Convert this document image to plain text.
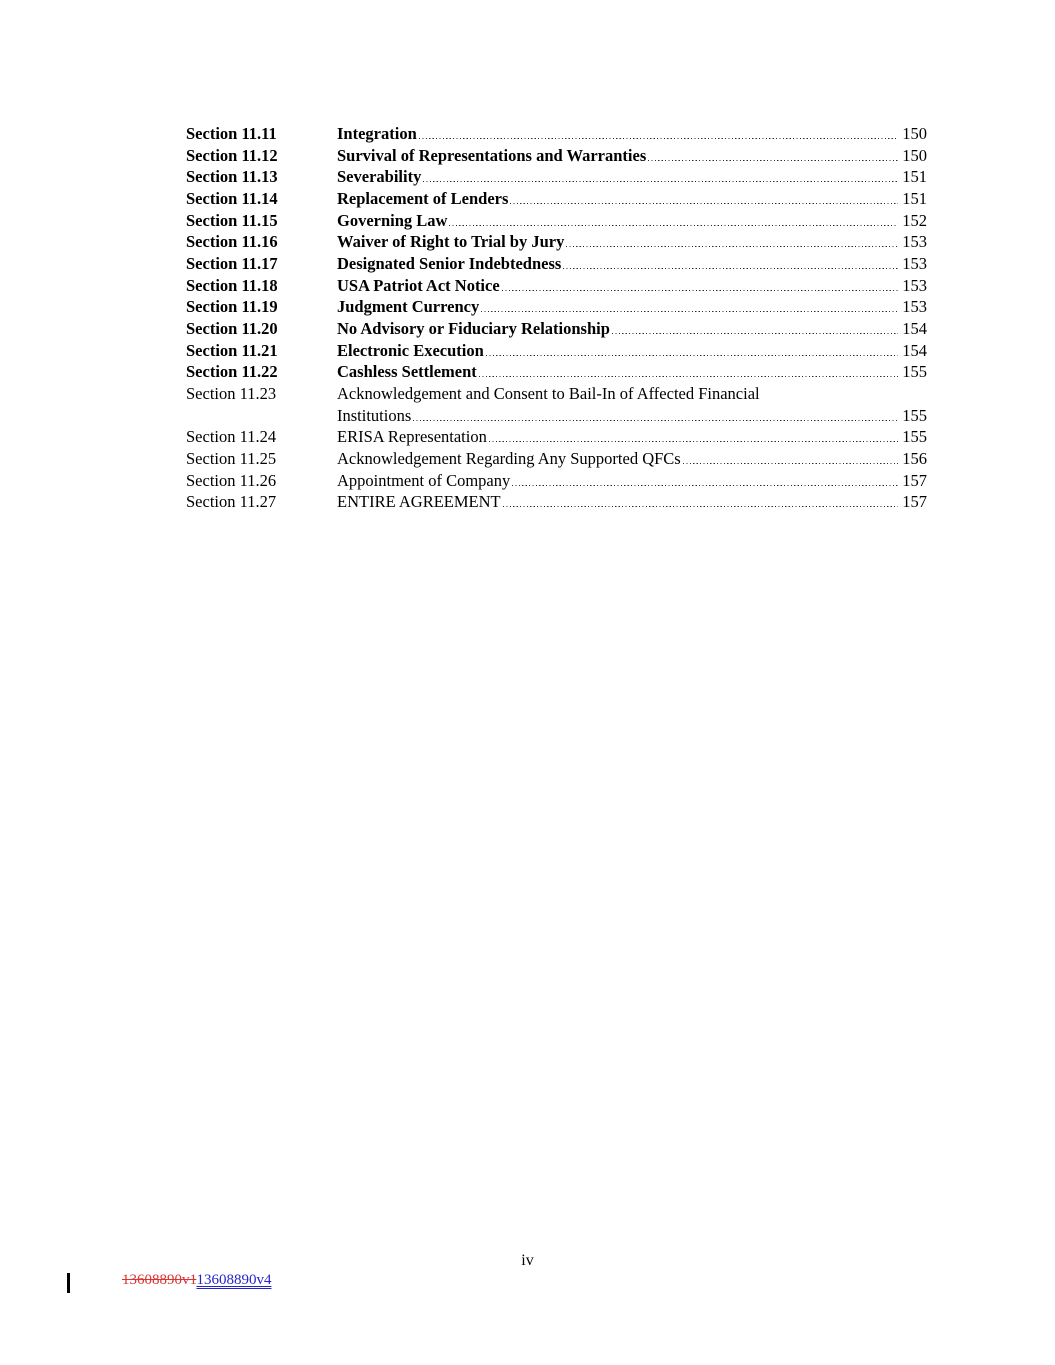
Section 11.11	Integration	150
Section 11.12	Survival of Representations and Warranties	150
Section 11.13	Severability	151
Section 11.14	Replacement of Lenders	151
Section 11.15	Governing Law	152
Section 11.16	Waiver of Right to Trial by Jury	153
Section 11.17	Designated Senior Indebtedness	153
Section 11.18	USA Patriot Act Notice	153
Section 11.19	Judgment Currency	153
Section 11.20	No Advisory or Fiduciary Relationship	154
Section 11.21	Electronic Execution	154
Section 11.22	Cashless Settlement	155
Section 11.23	Acknowledgement and Consent to Bail-In of Affected Financial

Institutions	155
Section 11.24	ERISA Representation	155
Section 11.25	Acknowledgement Regarding Any Supported QFCs	156
Section 11.26	Appointment of Company	157
Section 11.27	ENTIRE AGREEMENT	157
iv
13608890v113608890v4
